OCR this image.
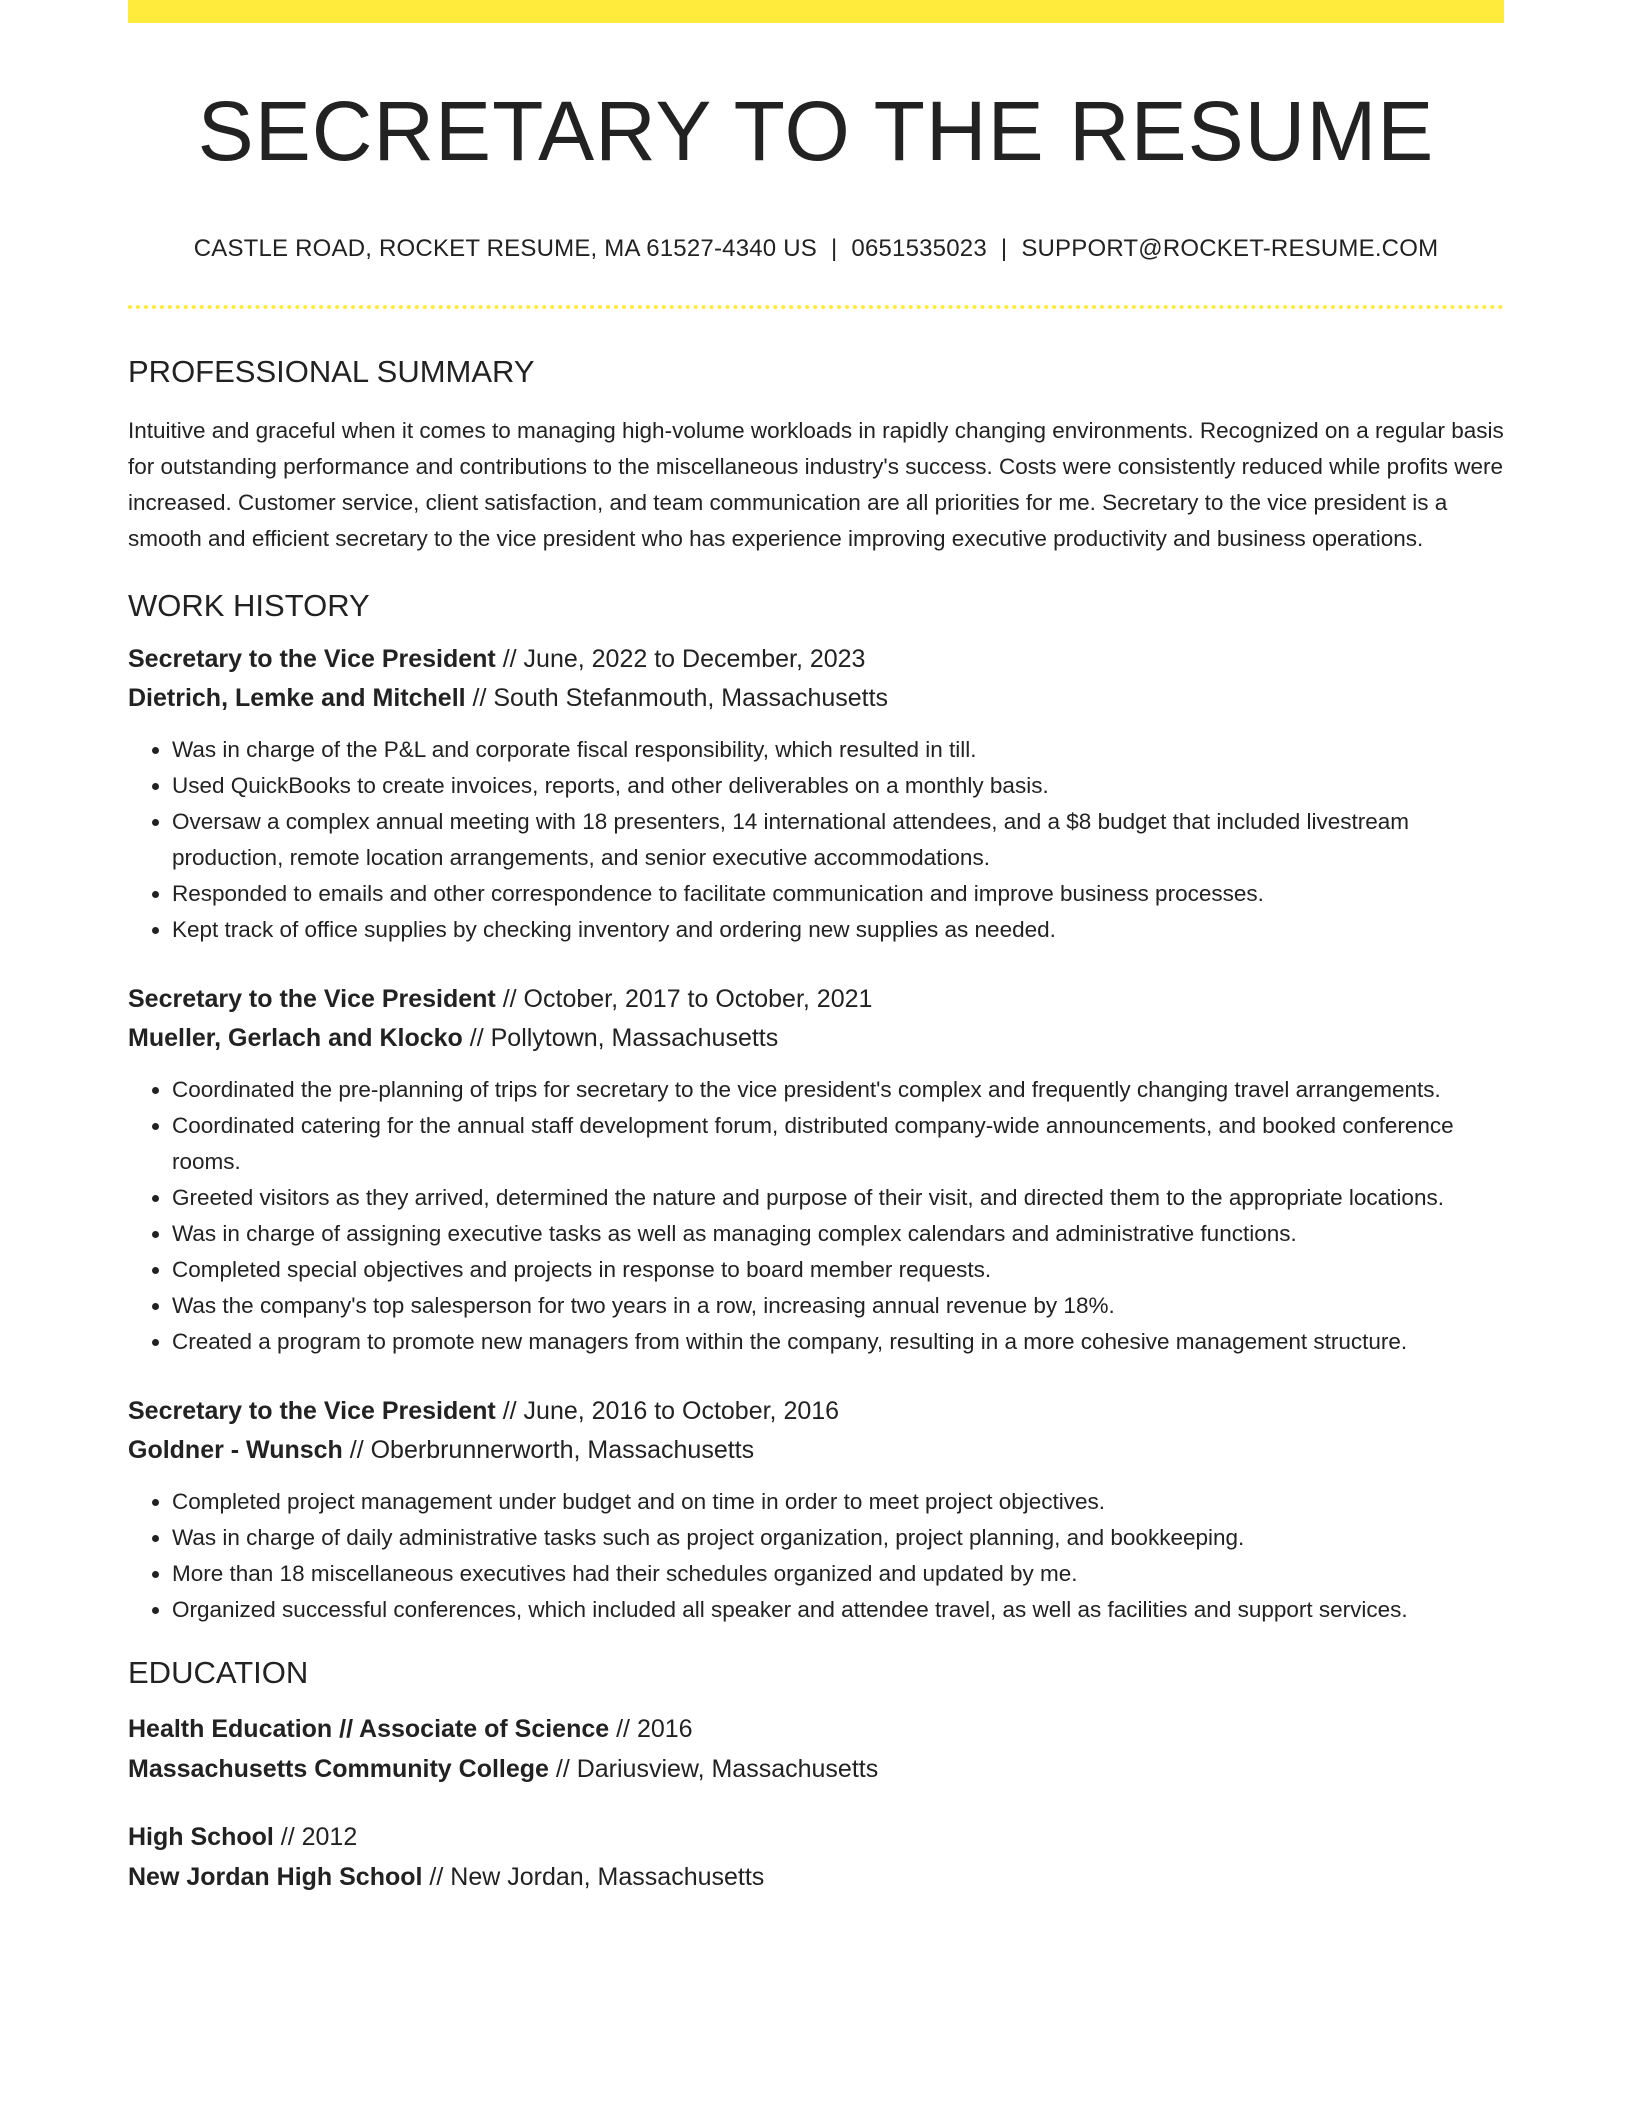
SECRETARY TO THE RESUME
CASTLE ROAD, ROCKET RESUME, MA 61527-4340 US | 0651535023 | SUPPORT@ROCKET-RESUME.COM
PROFESSIONAL SUMMARY

Intuitive and graceful when it comes to managing high-volume workloads in rapidly changing environments. Recognized on a regular basis for outstanding performance and contributions to the miscellaneous industry's success. Costs were consistently reduced while profits were increased. Customer service, client satisfaction, and team communication are all priorities for me. Secretary to the vice president is a smooth and efficient secretary to the vice president who has experience improving executive productivity and business operations.

WORK HISTORY
Secretary to the Vice President // June, 2022 to December, 2023
Dietrich, Lemke and Mitchell // South Stefanmouth, Massachusetts
• Was in charge of the P&L and corporate fiscal responsibility, which resulted in till.
• Used QuickBooks to create invoices, reports, and other deliverables on a monthly basis.
• Oversaw a complex annual meeting with 18 presenters, 14 international attendees, and a $8 budget that included livestream production, remote location arrangements, and senior executive accommodations.
• Responded to emails and other correspondence to facilitate communication and improve business processes.
• Kept track of office supplies by checking inventory and ordering new supplies as needed.
Secretary to the Vice President // October, 2017 to October, 2021
Mueller, Gerlach and Klocko // Pollytown, Massachusetts
• Coordinated the pre-planning of trips for secretary to the vice president's complex and frequently changing travel arrangements.
• Coordinated catering for the annual staff development forum, distributed company-wide announcements, and booked conference rooms.
• Greeted visitors as they arrived, determined the nature and purpose of their visit, and directed them to the appropriate locations.
• Was in charge of assigning executive tasks as well as managing complex calendars and administrative functions.
• Completed special objectives and projects in response to board member requests.
• Was the company's top salesperson for two years in a row, increasing annual revenue by 18%.
• Created a program to promote new managers from within the company, resulting in a more cohesive management structure.
Secretary to the Vice President // June, 2016 to October, 2016
Goldner - Wunsch // Oberbrunnerworth, Massachusetts
• Completed project management under budget and on time in order to meet project objectives.
• Was in charge of daily administrative tasks such as project organization, project planning, and bookkeeping.
• More than 18 miscellaneous executives had their schedules organized and updated by me.
• Organized successful conferences, which included all speaker and attendee travel, as well as facilities and support services.
EDUCATION
Health Education // Associate of Science // 2016
Massachusetts Community College // Dariusview, Massachusetts
High School // 2012
New Jordan High School // New Jordan, Massachusetts
